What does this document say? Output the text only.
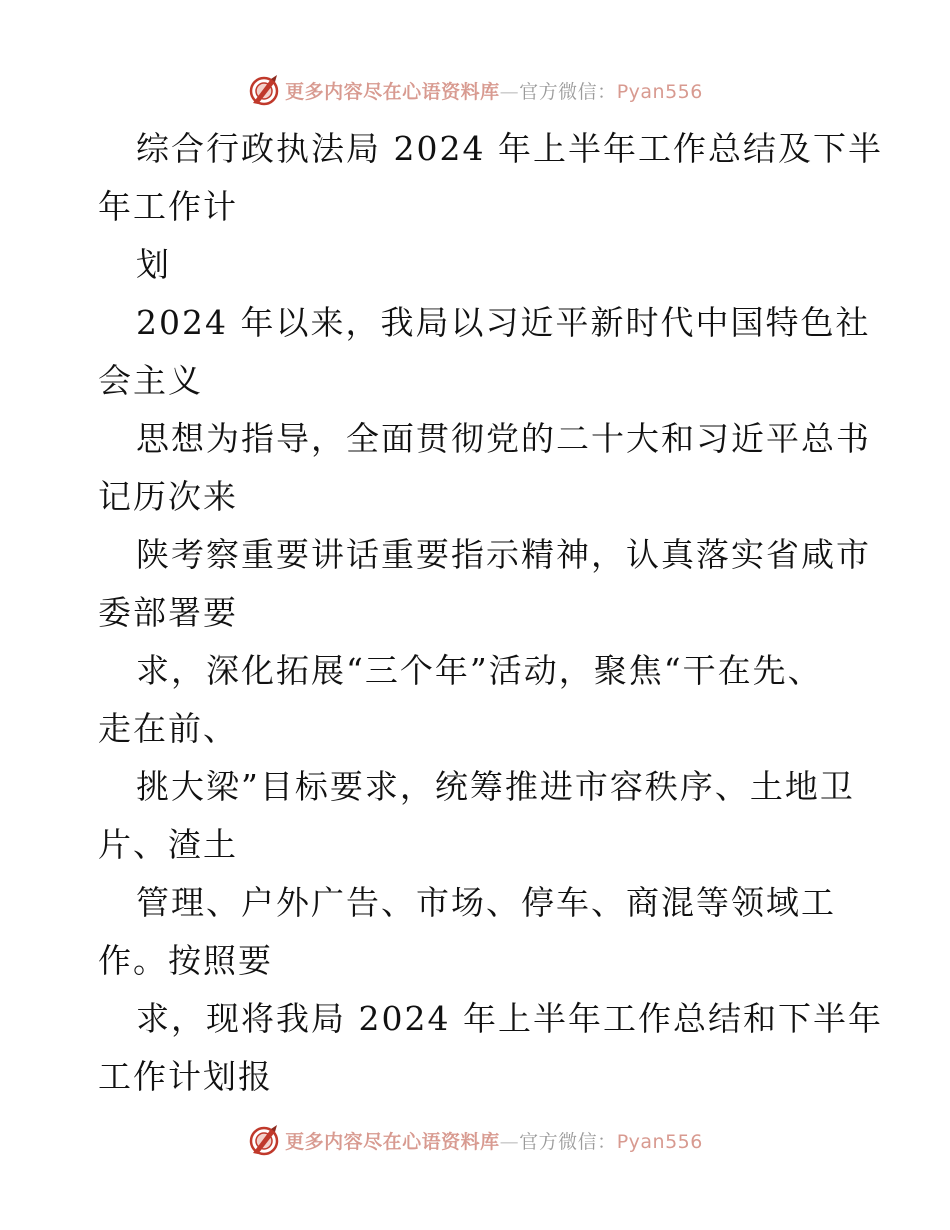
更多内容尽在心语资料库—官方微信：Pyan556
综合行政执法局 2024 年上半年工作总结及下半
年工作计
划
2024 年以来，我局以习近平新时代中国特色社
会主义
思想为指导，全面贯彻党的二十大和习近平总书
记历次来
陕考察重要讲话重要指示精神，认真落实省咸市
委部署要
求，深化拓展“三个年”活动，聚焦“干在先、
走在前、
挑大梁”目标要求，统筹推进市容秩序、土地卫
片、渣土
管理、户外广告、市场、停车、商混等领域工
作。按照要
求，现将我局 2024 年上半年工作总结和下半年
工作计划报
更多内容尽在心语资料库—官方微信：Pyan556
